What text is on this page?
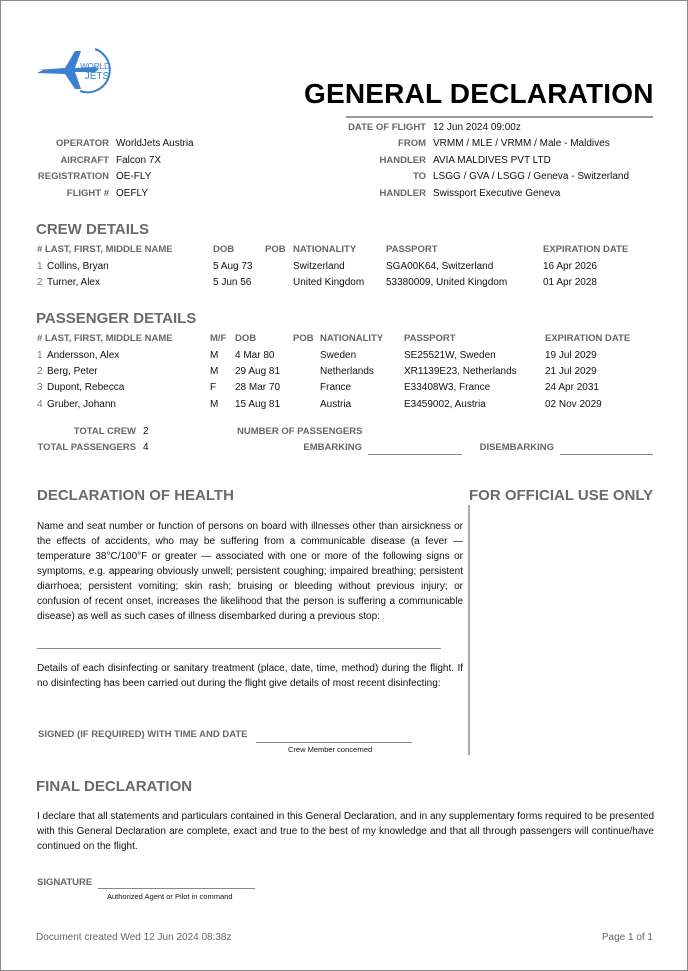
WORLD
JETS
GENERAL DECLARATION
OPERATOR WorldJets Austria
AIRCRAFT Falcon 7X
REGISTRATION OE-FLY
FLIGHT # OEFLY
DATE OF FLIGHT 12 Jun 2024 09:00z
FROM VRMM / MLE / VRMM / Male - Maldives
HANDLER AVIA MALDIVES PVT LTD
TO LSGG / GVA / LSGG / Geneva - Switzerland
HANDLER Swissport Executive Geneva
CREW DETAILS
# LAST, FIRST, MIDDLE NAME	DOB	POB NATIONALITY	PASSPORT	EXPIRATION DATE
1 Collins, Bryan	5 Aug 73	Switzerland	SGA00K64, Switzerland	16 Apr 2026
2 Turner, Alex	5 Jun 56	United Kingdom 53380009, United Kingdom	01 Apr 2028
PASSENGER DETAILS
# LAST, FIRST, MIDDLE NAME	M/F DOB	POB NATIONALITY PASSPORT	EXPIRATION DATE
1 Andersson, Alex	M 4 Mar 80	Sweden	SE25521W, Sweden	19 Jul 2029
2 Berg, Peter	M 29 Aug 81	Netherlands	XR1139E23, Netherlands	21 Jul 2029
3 Dupont, Rebecca	F 28 Mar 70	France	E33408W3, France	24 Apr 2031
4 Gruber, Johann	M 15 Aug 81	Austria	E3459002, Austria	02 Nov 2029
TOTAL CREW 2
TOTAL PASSENGERS 4
NUMBER OF PASSENGERS
EMBARKING	DISEMBARKING
DECLARATION OF HEALTH
Name and seat number or function of persons on board with illnesses other than airsickness or the effects of accidents, who may be suffering from a communicable disease (a fever — temperature 38°C/100°F or greater — associated with one or more of the following signs or symptoms, e.g. appearing obviously unwell; persistent coughing; impaired breathing; persistent diarrhoea; persistent vomiting; skin rash; bruising or bleeding without previous injury; or confusion of recent onset, increases the likelihood that the person is suffering a communicable disease) as well as such cases of illness disembarked during a previous stop:
Details of each disinfecting or sanitary treatment (place, date, time, method) during the flight. If no disinfecting has been carried out during the flight give details of most recent disinfecting:
SIGNED (IF REQUIRED) WITH TIME AND DATE
Crew Member concerned
FOR OFFICIAL USE ONLY
FINAL DECLARATION
I declare that all statements and particulars contained in this General Declaration, and in any supplementary forms required to be presented with this General Declaration are complete, exact and true to the best of my knowledge and that all through passengers will continue/have continued on the flight.
SIGNATURE
Authorized Agent or Pilot in command
Document created Wed 12 Jun 2024 08:38z	Page 1 of 1
